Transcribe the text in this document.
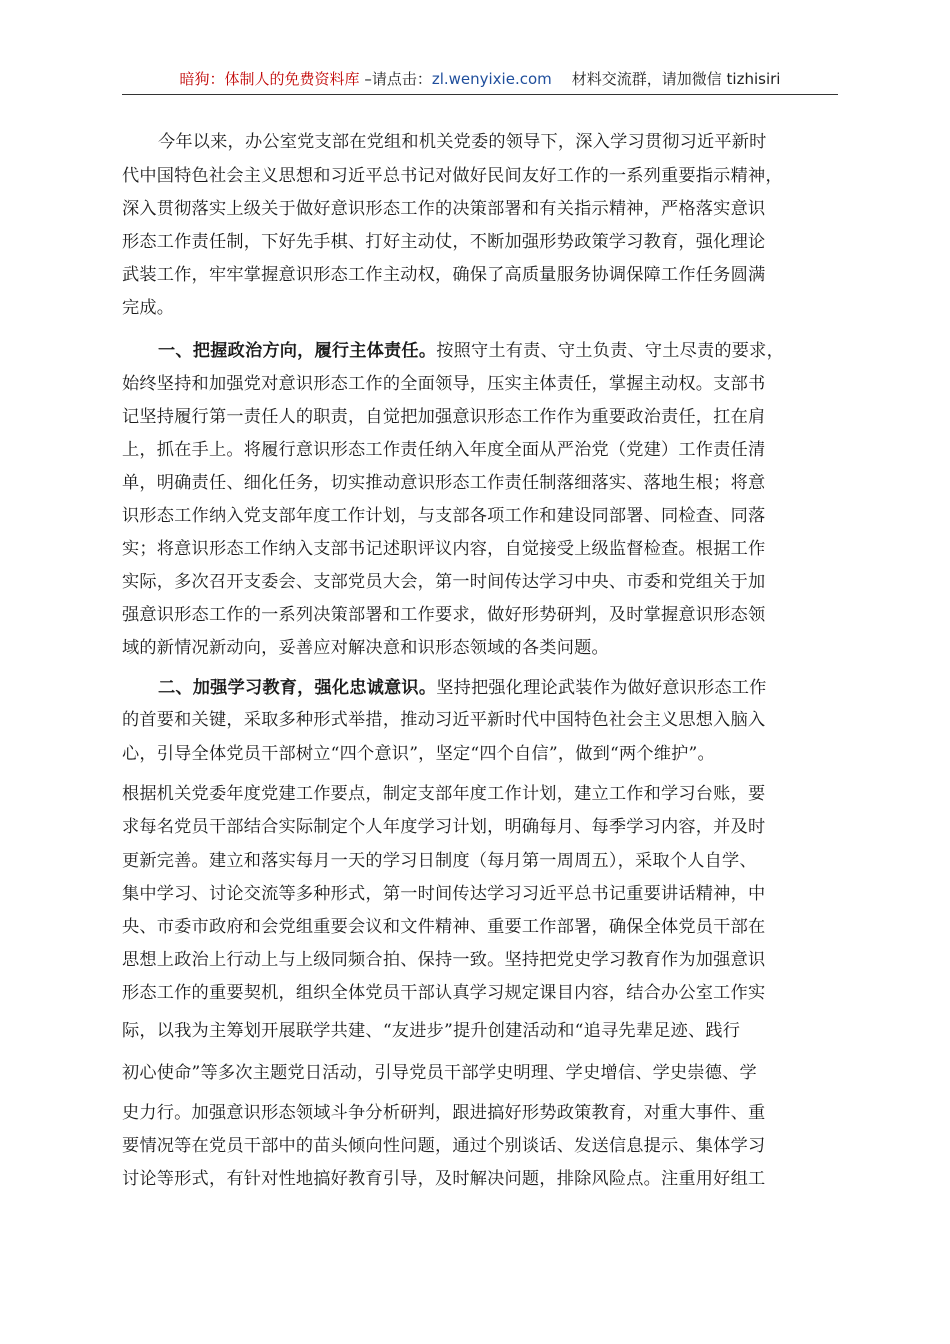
暗狗：体制人的免费资料库 –请点击：zl.wenyixie.com 材料交流群，请加微信 tizhisiri
今年以来，办公室党支部在党组和机关党委的领导下，深入学习贯彻习近平新时
代中国特色社会主义思想和习近平总书记对做好民间友好工作的一系列重要指示精神，
深入贯彻落实上级关于做好意识形态工作的决策部署和有关指示精神，严格落实意识
形态工作责任制，下好先手棋、打好主动仗，不断加强形势政策学习教育，强化理论
武装工作，牢牢掌握意识形态工作主动权，确保了高质量服务协调保障工作任务圆满
完成。
一、把握政治方向，履行主体责任。按照守土有责、守土负责、守土尽责的要求，
始终坚持和加强党对意识形态工作的全面领导，压实主体责任，掌握主动权。支部书
记坚持履行第一责任人的职责，自觉把加强意识形态工作作为重要政治责任，扛在肩
上，抓在手上。将履行意识形态工作责任纳入年度全面从严治党（党建）工作责任清
单，明确责任、细化任务，切实推动意识形态工作责任制落细落实、落地生根；将意
识形态工作纳入党支部年度工作计划，与支部各项工作和建设同部署、同检查、同落
实；将意识形态工作纳入支部书记述职评议内容，自觉接受上级监督检查。根据工作
实际，多次召开支委会、支部党员大会，第一时间传达学习中央、市委和党组关于加
强意识形态工作的一系列决策部署和工作要求，做好形势研判，及时掌握意识形态领
域的新情况新动向，妥善应对解决意和识形态领域的各类问题。
二、加强学习教育，强化忠诚意识。坚持把强化理论武装作为做好意识形态工作
的首要和关键，采取多种形式举措，推动习近平新时代中国特色社会主义思想入脑入
心，引导全体党员干部树立“四个意识”，坚定“四个自信”，做到“两个维护”。
根据机关党委年度党建工作要点，制定支部年度工作计划，建立工作和学习台账，要
求每名党员干部结合实际制定个人年度学习计划，明确每月、每季学习内容，并及时
更新完善。建立和落实每月一天的学习日制度（每月第一周周五），采取个人自学、
集中学习、讨论交流等多种形式，第一时间传达学习习近平总书记重要讲话精神，中
央、市委市政府和会党组重要会议和文件精神、重要工作部署，确保全体党员干部在
思想上政治上行动上与上级同频合拍、保持一致。坚持把党史学习教育作为加强意识
形态工作的重要契机，组织全体党员干部认真学习规定课目内容，结合办公室工作实
际，以我为主筹划开展联学共建、“友进步”提升创建活动和“追寻先辈足迹、践行
初心使命”等多次主题党日活动，引导党员干部学史明理、学史增信、学史崇德、学
史力行。加强意识形态领域斗争分析研判，跟进搞好形势政策教育，对重大事件、重
要情况等在党员干部中的苗头倾向性问题，通过个别谈话、发送信息提示、集体学习
讨论等形式，有针对性地搞好教育引导，及时解决问题，排除风险点。注重用好组工
